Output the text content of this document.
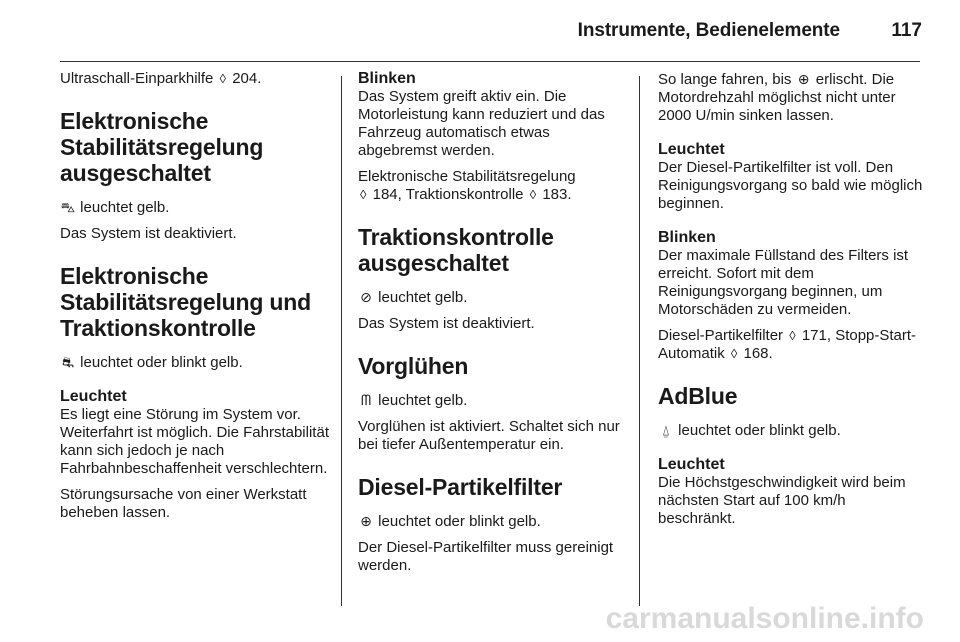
Instrumente, Bedienelemente	117

Ultraschall-Einparkhilfe ◊ 204.

Elektronische Stabilitätsregelung ausgeschaltet

⛍ leuchtet gelb.

Das System ist deaktiviert.

Elektronische Stabilitätsregelung und Traktionskontrolle

⛐ leuchtet oder blinkt gelb.

Leuchtet

Es liegt eine Störung im System vor. Weiterfahrt ist möglich. Die Fahrstabilität kann sich jedoch je nach Fahrbahnbeschaffenheit verschlechtern.

Störungsursache von einer Werkstatt beheben lassen.

Blinken

Das System greift aktiv ein. Die Motorleistung kann reduziert und das Fahrzeug automatisch etwas abgebremst werden.

Elektronische Stabilitätsregelung
◊ 184, Traktionskontrolle ◊ 183.

Traktionskontrolle ausgeschaltet

⊘ leuchtet gelb.

Das System ist deaktiviert.

Vorglühen

ᗰ leuchtet gelb.

Vorglühen ist aktiviert. Schaltet sich nur bei tiefer Außentemperatur ein.

Diesel-Partikelfilter

⊕ leuchtet oder blinkt gelb.

Der Diesel-Partikelfilter muss gereinigt werden.

So lange fahren, bis ⊕ erlischt. Die Motordrehzahl möglichst nicht unter 2000 U/min sinken lassen.

Leuchtet

Der Diesel-Partikelfilter ist voll. Den Reinigungsvorgang so bald wie möglich beginnen.

Blinken

Der maximale Füllstand des Filters ist erreicht. Sofort mit dem Reinigungsvorgang beginnen, um Motorschäden zu vermeiden.

Diesel-Partikelfilter ◊ 171, Stopp-Start-Automatik ◊ 168.

AdBlue

⍙ leuchtet oder blinkt gelb.

Leuchtet

Die Höchstgeschwindigkeit wird beim nächsten Start auf 100 km/h beschränkt.

carmanualsonline.info
